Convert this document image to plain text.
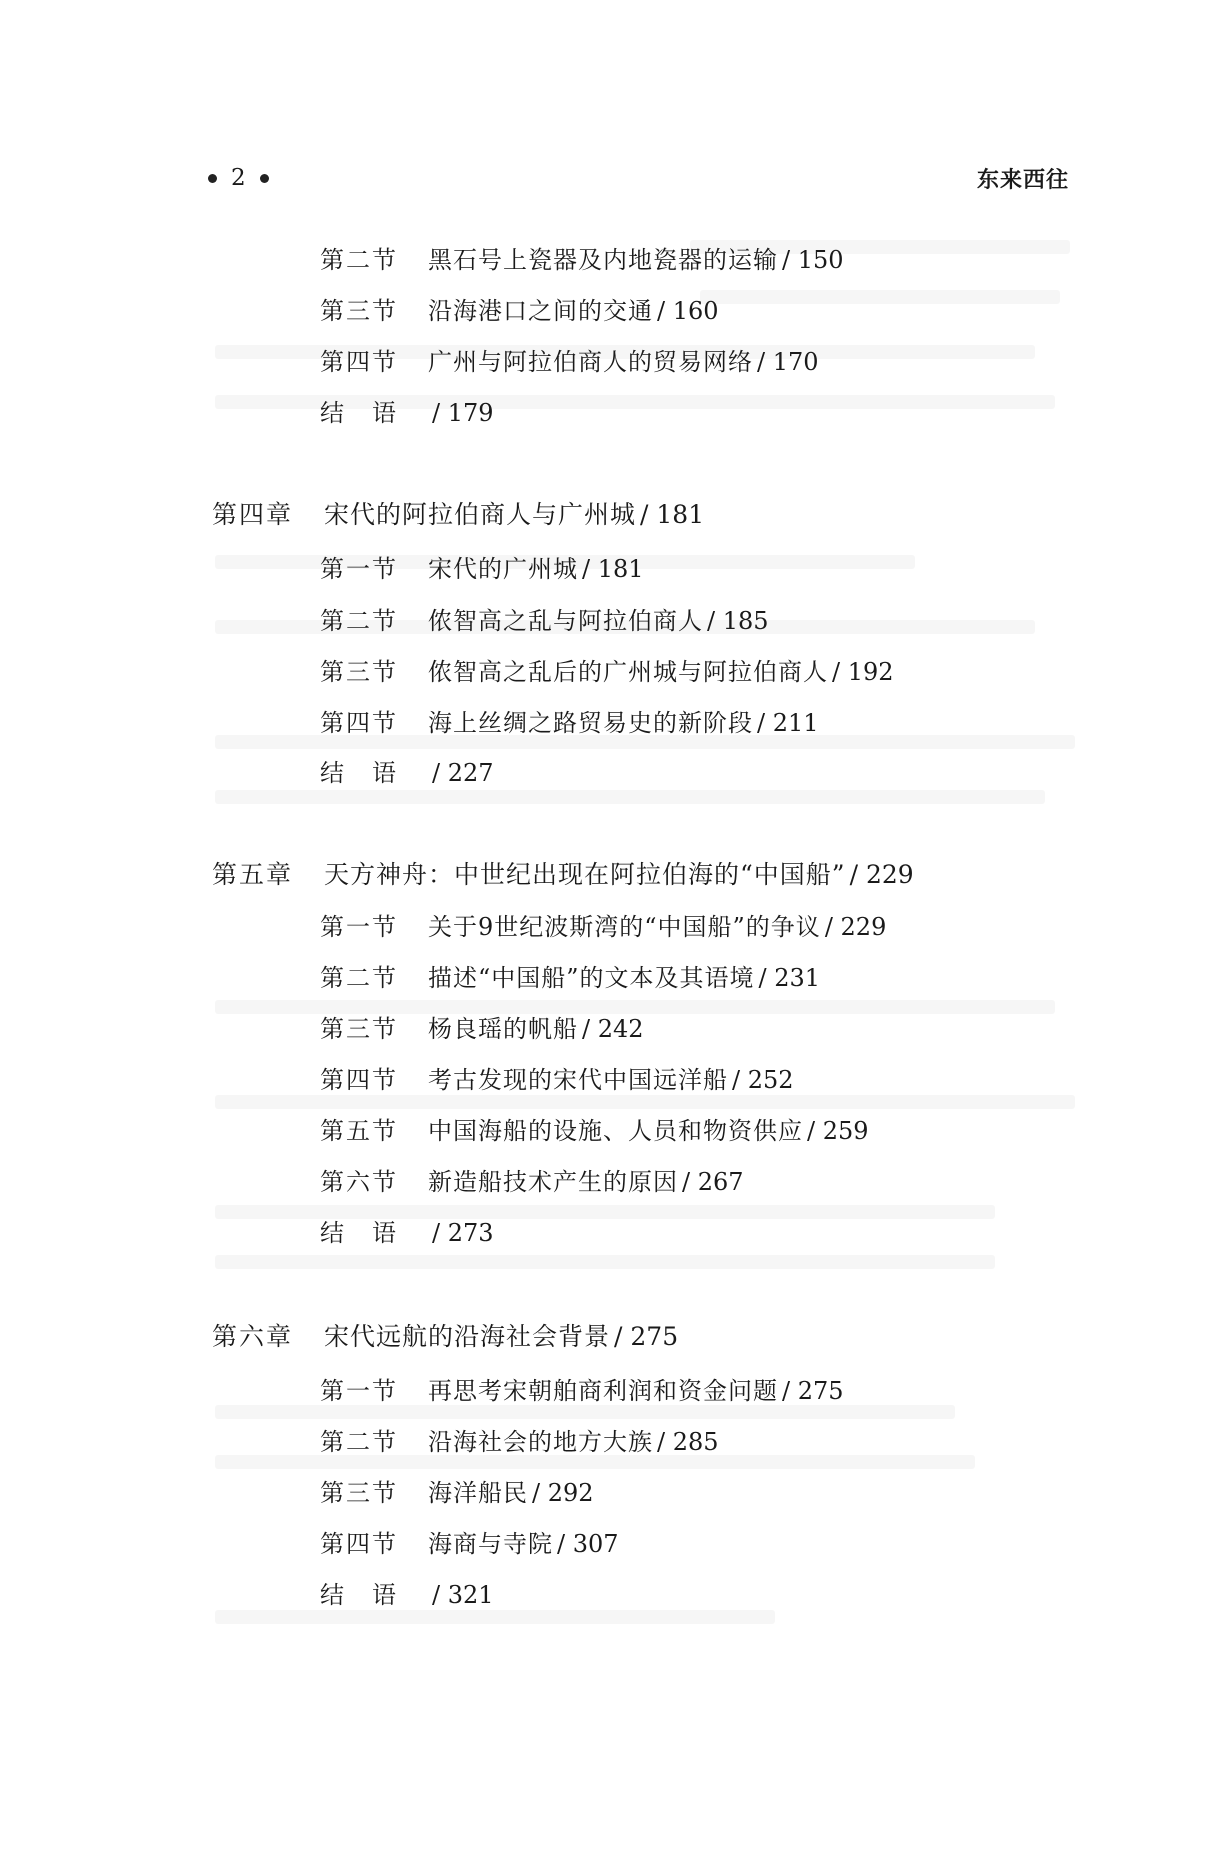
2	东来西往
第二节	黑石号上瓷器及内地瓷器的运输 / 150
第三节	沿海港口之间的交通 / 160
第四节	广州与阿拉伯商人的贸易网络 / 170
结　语	/ 179
第四章	宋代的阿拉伯商人与广州城 / 181
第一节	宋代的广州城 / 181
第二节	侬智高之乱与阿拉伯商人 / 185
第三节	侬智高之乱后的广州城与阿拉伯商人 / 192
第四节	海上丝绸之路贸易史的新阶段 / 211
结　语	/ 227
第五章	天方神舟：中世纪出现在阿拉伯海的“中国船” / 229
第一节	关于9世纪波斯湾的“中国船”的争议 / 229
第二节	描述“中国船”的文本及其语境 / 231
第三节	杨良瑶的帆船 / 242
第四节	考古发现的宋代中国远洋船 / 252
第五节	中国海船的设施、人员和物资供应 / 259
第六节	新造船技术产生的原因 / 267
结　语	/ 273
第六章	宋代远航的沿海社会背景 / 275
第一节	再思考宋朝舶商利润和资金问题 / 275
第二节	沿海社会的地方大族 / 285
第三节	海洋船民 / 292
第四节	海商与寺院 / 307
结　语	/ 321
